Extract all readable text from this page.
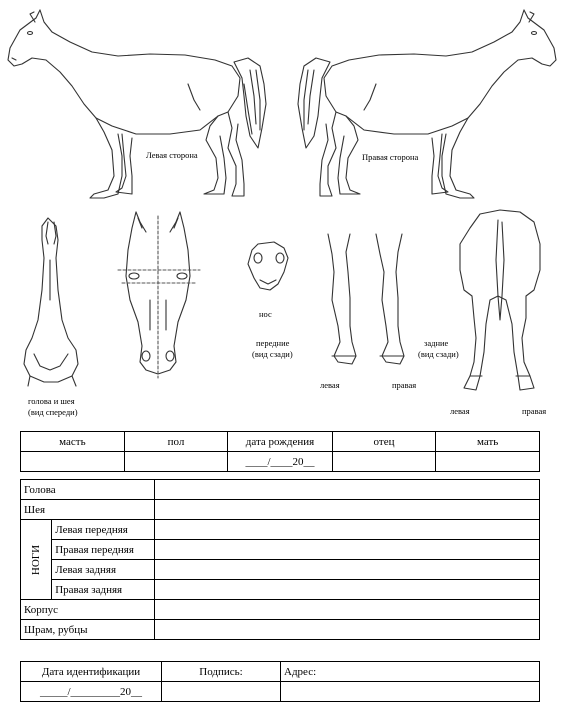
Левая сторона	Правая сторона
голова и шея
(вид спереди)
нос
передние
(вид сзади)
левая	правая
задние
(вид сзади)
левая	правая
масть	пол	дата рождения	отец	мать
		____/____20__		
Голова		
Шея		
НОГИ	Левая передняя	
	Правая передняя	
	Левая задняя	
	Правая задняя	
Корпус		
Шрам, рубцы		
Дата идентификации	Подпись:	Адрес:
_____/_________20__		
